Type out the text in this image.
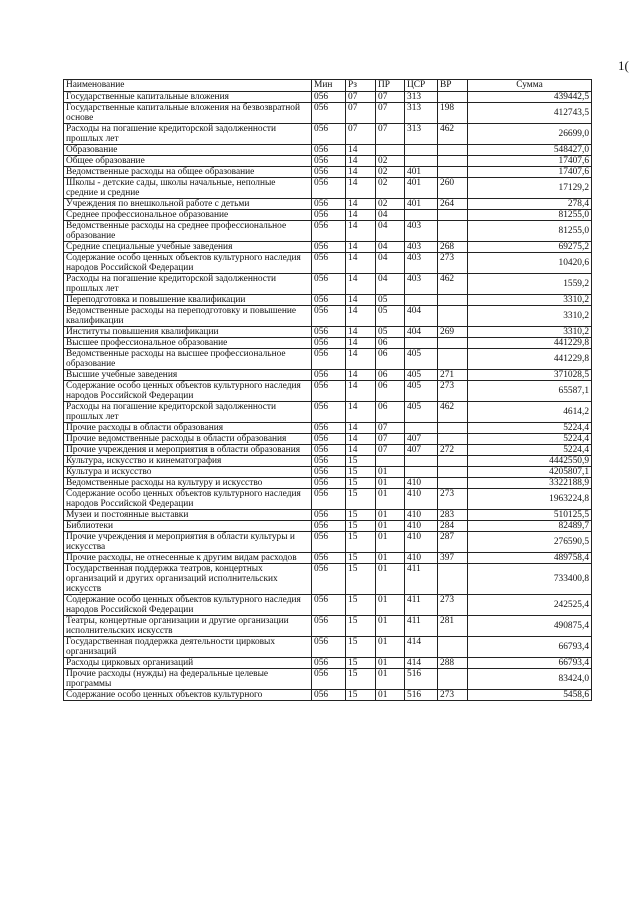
1(
Наименование	Мин	Рз	ПР	ЦСР	ВР	Сумма
Государственные капитальные вложения	056	07	07	313		439442,5
Государственные капитальные вложения на безвозвратной основе	056	07	07	313	198	412743,5
Расходы на погашение кредиторской задолженности прошлых лет	056	07	07	313	462	26699,0
Образование	056	14				548427,0
Общее образование	056	14	02			17407,6
Ведомственные расходы на общее образование	056	14	02	401		17407,6
Школы - детские сады, школы начальные, неполные средние и средние	056	14	02	401	260	17129,2
Учреждения по внешкольной работе с детьми	056	14	02	401	264	278,4
Среднее профессиональное образование	056	14	04			81255,0
Ведомственные расходы на среднее профессиональное образование	056	14	04	403		81255,0
Средние специальные учебные заведения	056	14	04	403	268	69275,2
Содержание особо ценных объектов культурного наследия народов Российской Федерации	056	14	04	403	273	10420,6
Расходы на погашение кредиторской задолженности прошлых лет	056	14	04	403	462	1559,2
Переподготовка и повышение квалификации	056	14	05			3310,2
Ведомственные расходы на переподготовку и повышение квалификации	056	14	05	404		3310,2
Институты повышения квалификации	056	14	05	404	269	3310,2
Высшее профессиональное образование	056	14	06			441229,8
Ведомственные расходы на высшее профессиональное образование	056	14	06	405		441229,8
Высшие учебные заведения	056	14	06	405	271	371028,5
Содержание особо ценных объектов культурного наследия народов Российской Федерации	056	14	06	405	273	65587,1
Расходы на погашение кредиторской задолженности прошлых лет	056	14	06	405	462	4614,2
Прочие расходы в области образования	056	14	07			5224,4
Прочие ведомственные расходы в области образования	056	14	07	407		5224,4
Прочие учреждения и мероприятия в области образования	056	14	07	407	272	5224,4
Культура, искусство и кинематография	056	15				4442550,9
Культура и искусство	056	15	01			4205807,1
Ведомственные расходы на культуру и искусство	056	15	01	410		3322188,9
Содержание особо ценных объектов культурного наследия народов Российской Федерации	056	15	01	410	273	1963224,8
Музеи и постоянные выставки	056	15	01	410	283	510125,5
Библиотеки	056	15	01	410	284	82489,7
Прочие учреждения и мероприятия в области культуры и искусства	056	15	01	410	287	276590,5
Прочие расходы, не отнесенные к другим видам расходов	056	15	01	410	397	489758,4
Государственная поддержка театров, концертных организаций и других организаций исполнительских искусств	056	15	01	411		733400,8
Содержание особо ценных объектов культурного наследия народов Российской Федерации	056	15	01	411	273	242525,4
Театры, концертные организации и другие организации исполнительских искусств	056	15	01	411	281	490875,4
Государственная поддержка деятельности цирковых организаций	056	15	01	414		66793,4
Расходы цирковых организаций	056	15	01	414	288	66793,4
Прочие расходы (нужды) на федеральные целевые программы	056	15	01	516		83424,0
Содержание особо ценных объектов культурного	056	15	01	516	273	5458,6
